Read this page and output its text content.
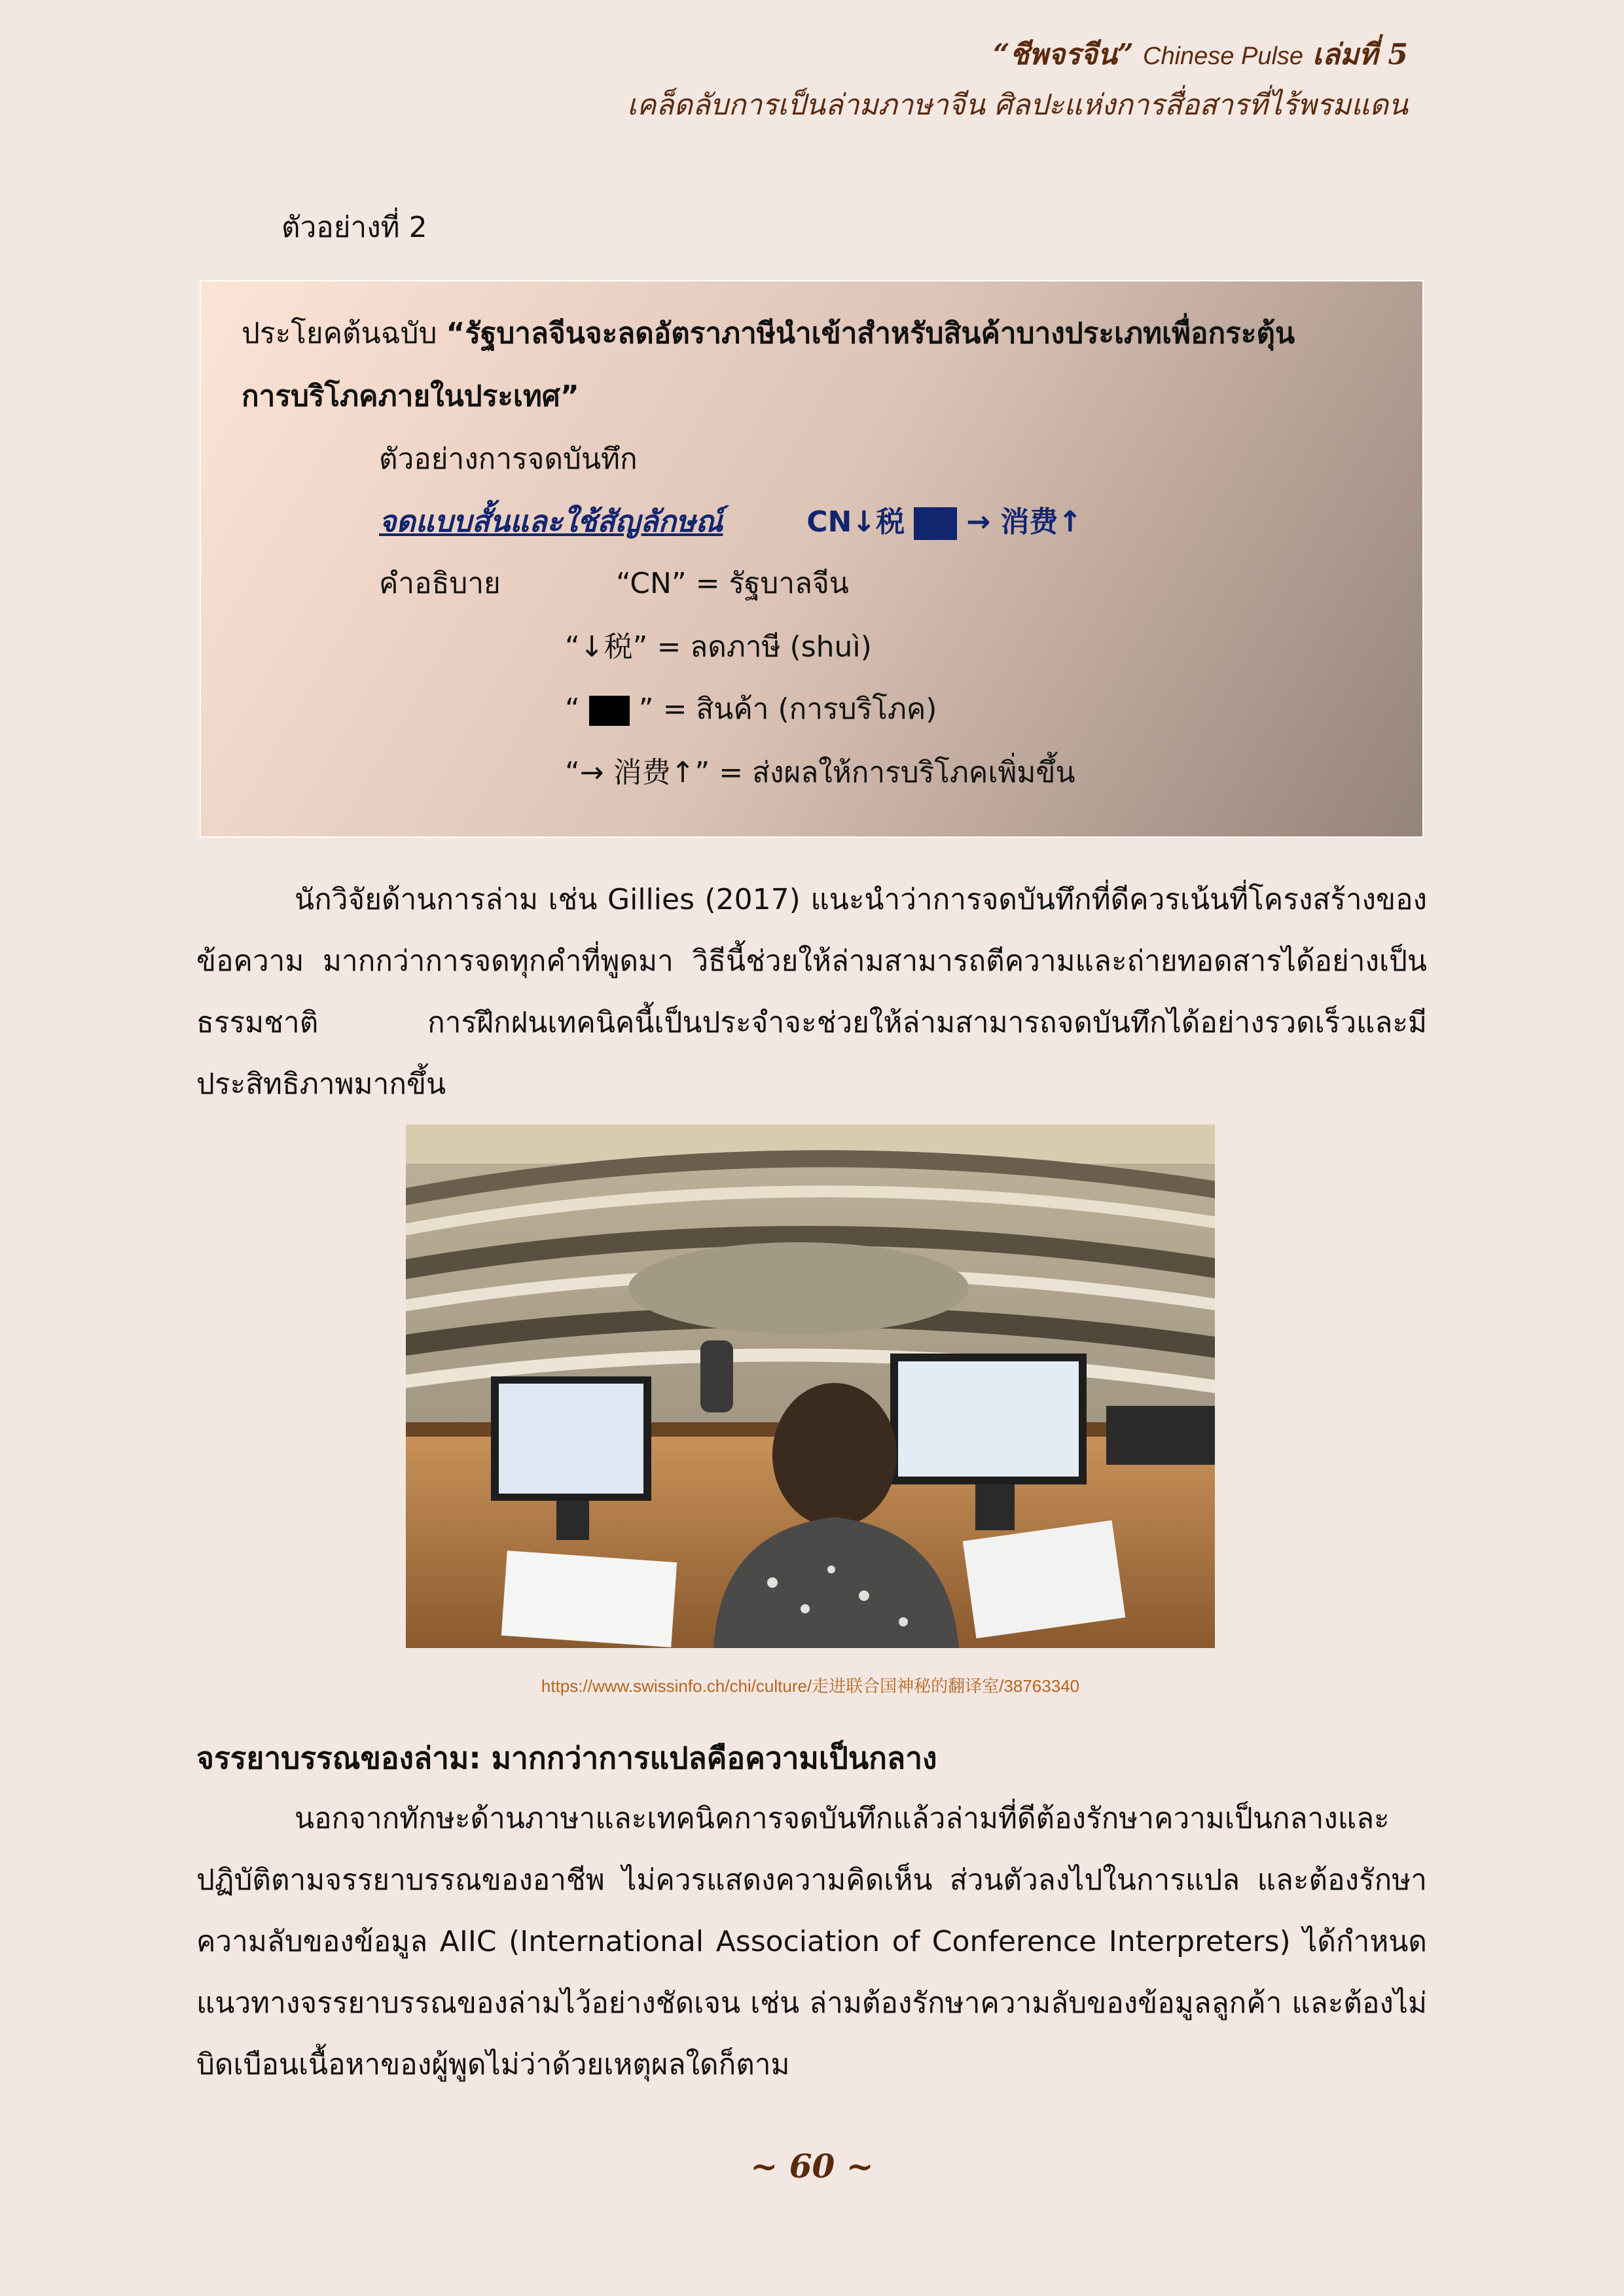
“ชีพจรจีน” Chinese Pulse เล่มที่ 5
เคล็ดลับการเป็นล่ามภาษาจีน ศิลปะแห่งการสื่อสารที่ไร้พรมแดน
ตัวอย่างที่ 2
ประโยคต้นฉบับ “รัฐบาลจีนจะลดอัตราภาษีนำเข้าสำหรับสินค้าบางประเภทเพื่อกระตุ้น
การบริโภคภายในประเทศ”
ตัวอย่างการจดบันทึก
จดแบบสั้นและใช้สัญลักษณ์	CN↓税 → 消费↑
คำอธิบาย	“CN” = รัฐบาลจีน
“↓税” = ลดภาษี (shuì)
“ ” = สินค้า (การบริโภค)
“→ 消费↑” = ส่งผลให้การบริโภคเพิ่มขึ้น
นักวิจัยด้านการล่าม เช่น Gillies (2017) แนะนำว่าการจดบันทึกที่ดีควรเน้นที่โครงสร้างของข้อความ มากกว่าการจดทุกคำที่พูดมา วิธีนี้ช่วยให้ล่ามสามารถตีความและถ่ายทอดสารได้อย่างเป็นธรรมชาติ การฝึกฝนเทคนิคนี้เป็นประจำจะช่วยให้ล่ามสามารถจดบันทึกได้อย่างรวดเร็วและมีประสิทธิภาพมากขึ้น
https://www.swissinfo.ch/chi/culture/走进联合国神秘的翻译室/38763340
จรรยาบรรณของล่าม: มากกว่าการแปลคือความเป็นกลาง
นอกจากทักษะด้านภาษาและเทคนิคการจดบันทึกแล้วล่ามที่ดีต้องรักษาความเป็นกลางและปฏิบัติตามจรรยาบรรณของอาชีพ ไม่ควรแสดงความคิดเห็น ส่วนตัวลงไปในการแปล และต้องรักษาความลับของข้อมูล AIIC (International Association of Conference Interpreters) ได้กำหนดแนวทางจรรยาบรรณของล่ามไว้อย่างชัดเจน เช่น ล่ามต้องรักษาความลับของข้อมูลลูกค้า และต้องไม่บิดเบือนเนื้อหาของผู้พูดไม่ว่าด้วยเหตุผลใดก็ตาม
~ 60 ~
